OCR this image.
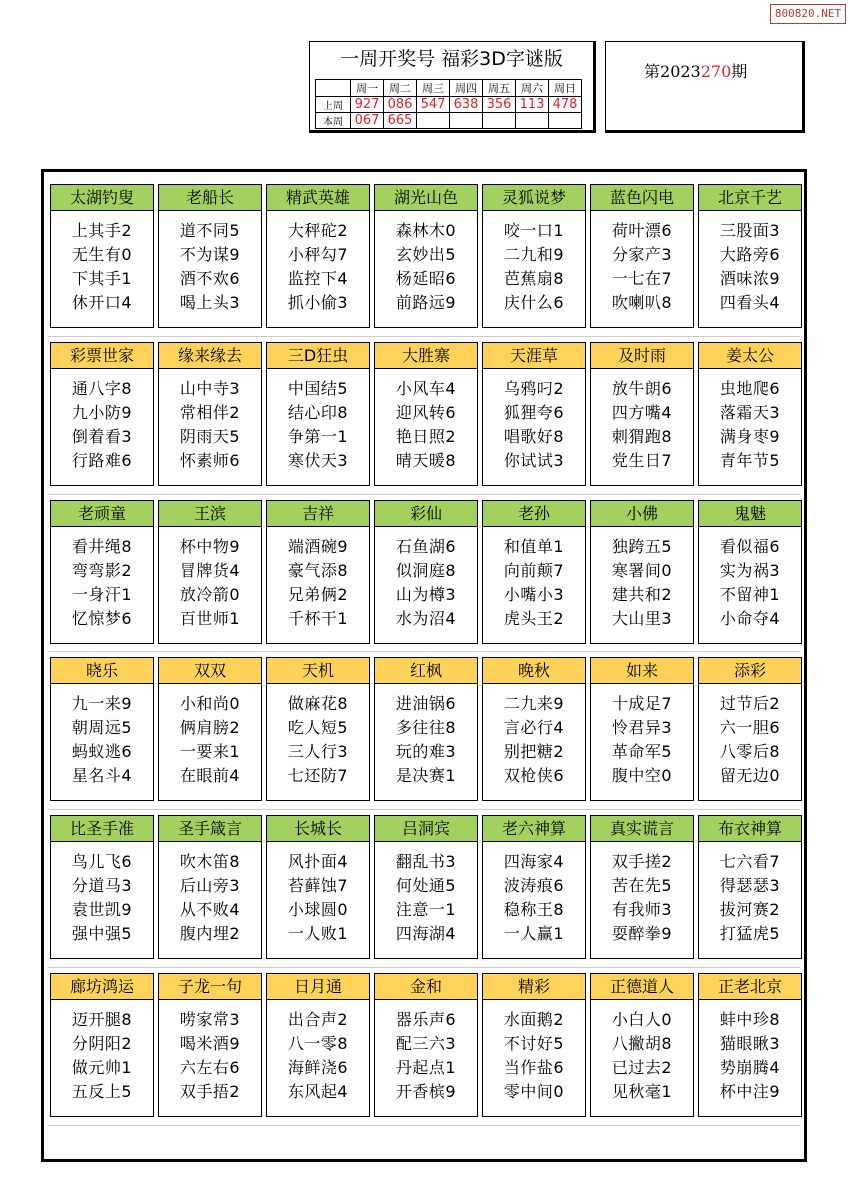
800820.NET
一周开奖号 福彩3D字谜版
	周一	周二	周三	周四	周五	周六	周日
上周	927	086	547	638	356	113	478
本周	067	665					
第2023270期
太湖钓叟
上其手2
无生有0
下其手1
休开口4
老船长
道不同5
不为谋9
酒不欢6
喝上头3
精武英雄
大秤砣2
小秤勾7
监控下4
抓小偷3
湖光山色
森林木0
玄妙出5
杨延昭6
前路远9
灵狐说梦
咬一口1
二九和9
芭蕉扇8
庆什么6
蓝色闪电
荷叶漂6
分家产3
一七在7
吹喇叭8
北京千艺
三股面3
大路旁6
酒味浓9
四看头4
彩票世家
通八字8
九小防9
倒着看3
行路难6
缘来缘去
山中寺3
常相伴2
阴雨天5
怀素师6
三D狂虫
中国结5
结心印8
争第一1
寒伏天3
大胜寨
小风车4
迎风转6
艳日照2
晴天暖8
天涯草
乌鸦叼2
狐狸夸6
唱歌好8
你试试3
及时雨
放牛朗6
四方嘴4
刺猬跑8
党生日7
姜太公
虫地爬6
落霜天3
满身枣9
青年节5
老顽童
看井绳8
弯弯影2
一身汗1
忆惊梦6
王滨
杯中物9
冒牌货4
放冷箭0
百世师1
吉祥
端酒碗9
豪气添8
兄弟俩2
千杯干1
彩仙
石鱼湖6
似洞庭8
山为樽3
水为沼4
老孙
和值单1
向前颠7
小嘴小3
虎头王2
小佛
独跨五5
寒署间0
建共和2
大山里3
鬼魅
看似福6
实为祸3
不留神1
小命夺4
晓乐
九一来9
朝周远5
蚂蚁逃6
星名斗4
双双
小和尚0
俩肩膀2
一要来1
在眼前4
天机
做麻花8
吃人短5
三人行3
七还防7
红枫
进油锅6
多往往8
玩的难3
是决赛1
晚秋
二九来9
言必行4
别把糖2
双枪侠6
如来
十成足7
怜君异3
革命军5
腹中空0
添彩
过节后2
六一胆6
八零后8
留无边0
比圣手准
鸟儿飞6
分道马3
袁世凯9
强中强5
圣手箴言
吹木笛8
后山旁3
从不败4
腹内埋2
长城长
风扑面4
苔藓蚀7
小球圆0
一人败1
吕洞宾
翻乱书3
何处通5
注意一1
四海湖4
老六神算
四海家4
波涛痕6
稳称王8
一人赢1
真实谎言
双手搓2
苦在先5
有我师3
耍醉拳9
布衣神算
七六看7
得瑟瑟3
拔河赛2
打猛虎5
廊坊鸿运
迈开腿8
分阴阳2
做元帅1
五反上5
子龙一句
唠家常3
喝米酒9
六左右6
双手捂2
日月通
出合声2
八一零8
海鲜浇6
东风起4
金和
器乐声6
配三六3
丹起点1
开香槟9
精彩
水面鹅2
不讨好5
当作盐6
零中间0
正德道人
小白人0
八撇胡8
已过去2
见秋毫1
正老北京
蚌中珍8
猫眼瞅3
势崩腾4
杯中注9
